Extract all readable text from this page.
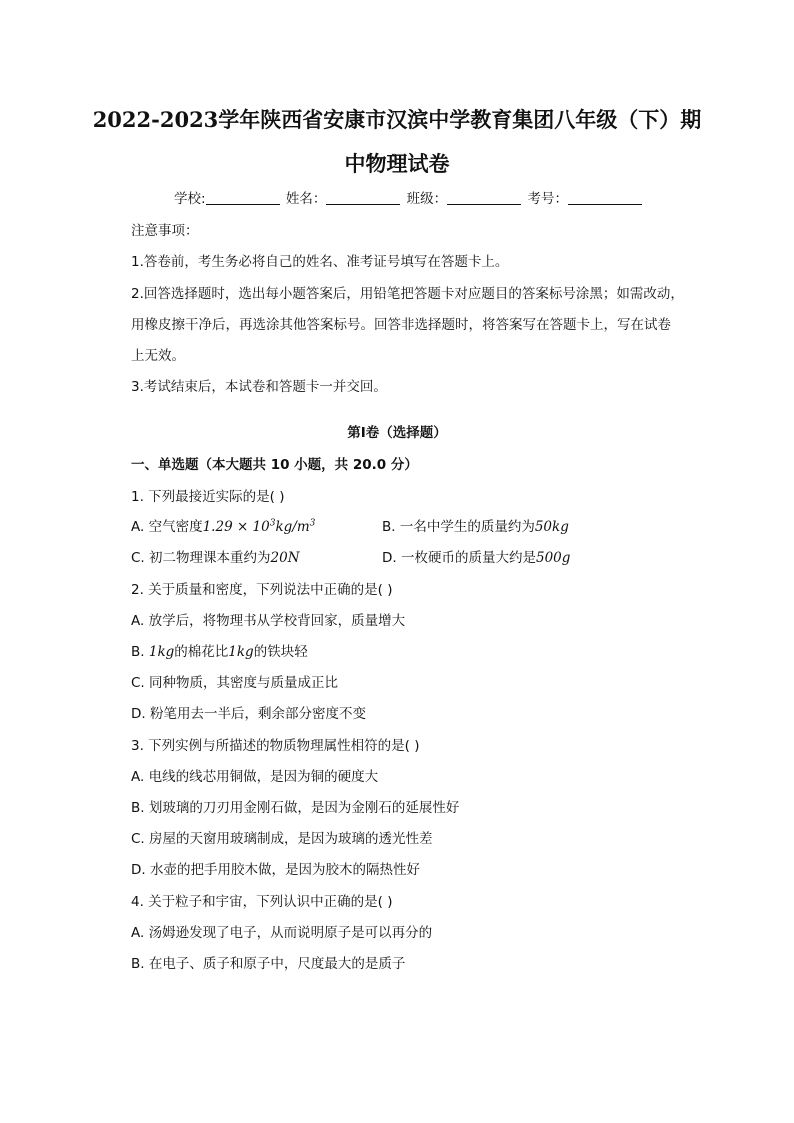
2022-2023学年陕西省安康市汉滨中学教育集团八年级（下）期
中物理试卷
学校:	姓名：	班级：	考号：
注意事项：
1.答卷前，考生务必将自己的姓名、准考证号填写在答题卡上。
2.回答选择题时，选出每小题答案后，用铅笔把答题卡对应题目的答案标号涂黑；如需改动，
用橡皮擦干净后，再选涂其他答案标号。回答非选择题时，将答案写在答题卡上，写在试卷
上无效。
3.考试结束后，本试卷和答题卡一并交回。
第Ⅰ卷（选择题）
一、单选题（本大题共 10 小题，共 20.0 分）
1. 下列最接近实际的是( )
A. 空气密度$1.29 \times 10^3kg/m^3$	B. 一名中学生的质量约为50kg
C. 初二物理课本重约为20N	D. 一枚硬币的质量大约是500g
2. 关于质量和密度，下列说法中正确的是( )
A. 放学后，将物理书从学校背回家，质量增大
B. 1kg的棉花比1kg的铁块轻
C. 同种物质，其密度与质量成正比
D. 粉笔用去一半后，剩余部分密度不变
3. 下列实例与所描述的物质物理属性相符的是( )
A. 电线的线芯用铜做，是因为铜的硬度大
B. 划玻璃的刀刃用金刚石做，是因为金刚石的延展性好
C. 房屋的天窗用玻璃制成，是因为玻璃的透光性差
D. 水壶的把手用胶木做，是因为胶木的隔热性好
4. 关于粒子和宇宙，下列认识中正确的是( )
A. 汤姆逊发现了电子，从而说明原子是可以再分的
B. 在电子、质子和原子中，尺度最大的是质子
